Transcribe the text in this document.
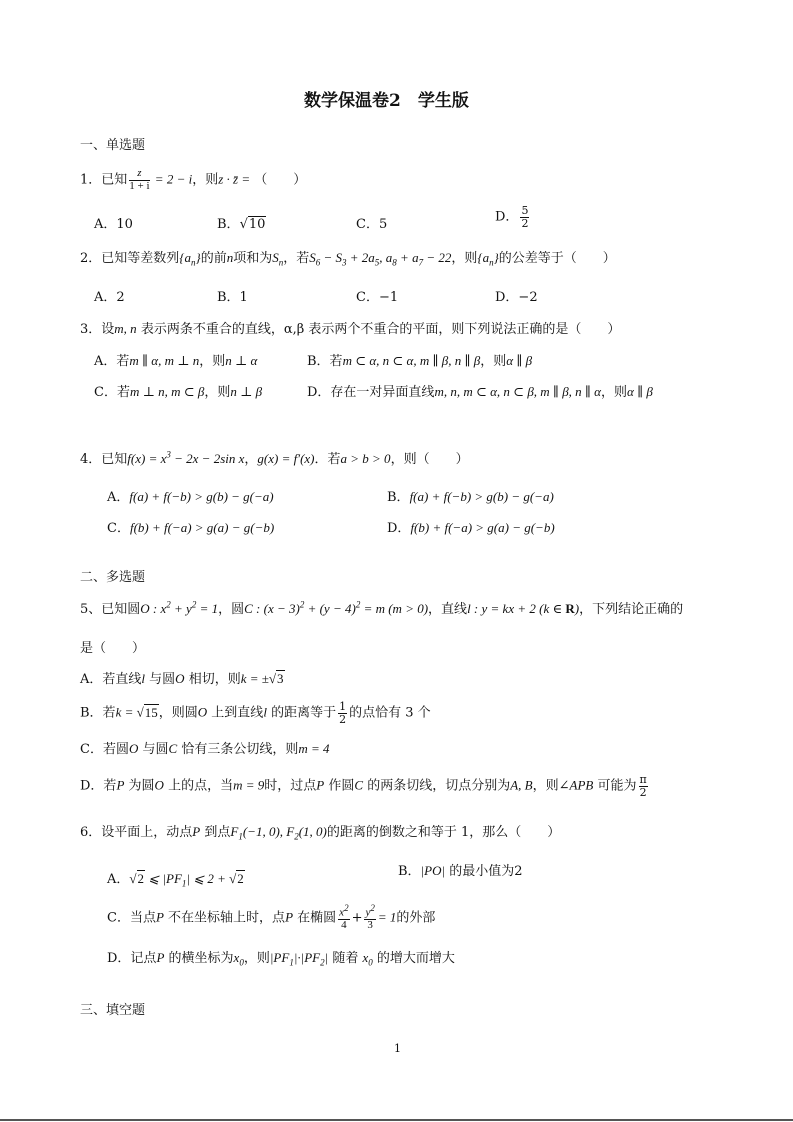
数学保温卷2　学生版
一、单选题
1．已知 $\frac{z}{1 + i} = 2 - i$，则z · z̄ = （　　）
A．10	B．√10	C．5	D． $\frac{5}{2}$
2．已知等差数列$\{a_n\}$的前n项和为$S_n$，若$S_6 - S_3 + 2a_5$, $a_8 + a_7 - 22$，则$\{a_n\}$的公差等于（　　）
A．2	B．1	C．−1	D．−2
3．设m, n 表示两条不重合的直线，α,β 表示两个不重合的平面，则下列说法正确的是（　　）
A．若m ∥ α, m ⊥ n，则n ⊥ α	B．若m ⊂ α, n ⊂ α, m ∥ β, n ∥ β，则α ∥ β
C．若m ⊥ n, m ⊂ β，则n ⊥ β	D．存在一对异面直线m, n, m ⊂ α, n ⊂ β, m ∥ β, n ∥ α，则α ∥ β
4．已知$f(x) = x^3 - 2x - 2\sin$ x，g(x) = f′(x)．若a > b > 0，则（　　）
A．f(a) + f(−b) > g(b) − g(−a)	B．f(a) + f(−b) > g(b) − g(−a)
C．f(b) + f(−a) > g(a) − g(−b)	D．f(b) + f(−a) > g(a) − g(−b)
二、多选题
5、已知圆O : $x^2 + y^2 = 1$，圆C : $(x - 3)^2 + (y - 4)^2 = m$ (m > 0)，直线l : y = kx + 2 (k ∈ R)，下列结论正确的
是（　　）
A．若直线l 与圆O 相切，则k = ±√3
B．若k = √15，则圆O 上到直线l 的距离等于 $\frac{1}{2}$ 的点恰有 3 个
C．若圆O 与圆C 恰有三条公切线，则m = 4
D．若P 为圆O 上的点，当m = 9时，过点P 作圆C 的两条切线，切点分别为A, B，则∠APB 可能为 $\frac{\pi}{2}$
6．设平面上，动点P 到点$F_1(-1$, 0), $F_2(1$, 0)的距离的倒数之和等于 1，那么（　　）
A．√2 ⩽ $|PF_1|$ ⩽ 2 + √2	B．|PO| 的最小值为2
C．当点P 不在坐标轴上时，点P 在椭圆 $\frac{x^2}{4} + \frac{y^2}{3} = 1$的外部
D．记点P 的横坐标为$x_0$，则$|PF_1|\cdot|PF_2|$ 随着 $x_0$ 的增大而增大
三、填空题
1
